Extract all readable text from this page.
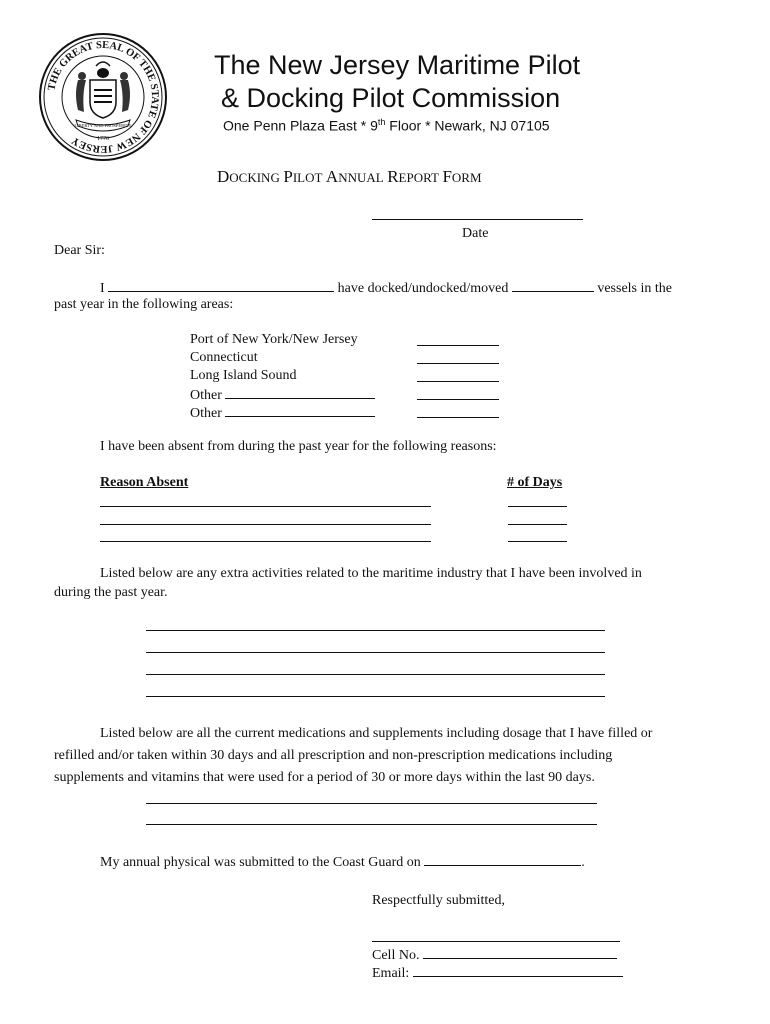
THE GREAT SEAL OF THE STATE OF NEW JERSEY
LIBERTY AND PROSPERITY
1776
The New Jersey Maritime Pilot
& Docking Pilot Commission
One Penn Plaza East * 9th Floor * Newark, NJ 07105
DOCKING PILOT ANNUAL REPORT FORM
Date
Dear Sir:
I	have docked/undocked/moved	vessels in the
past year in the following areas:
Port of New York/New Jersey
Connecticut
Long Island Sound
Other
Other
I have been absent from during the past year for the following reasons:
Reason Absent	# of Days
Listed below are any extra activities related to the maritime industry that I have been involved in
during the past year.
Listed below are all the current medications and supplements including dosage that I have filled or
refilled and/or taken within 30 days and all prescription and non-prescription medications including
supplements and vitamins that were used for a period of 30 or more days within the last 90 days.
My annual physical was submitted to the Coast Guard on	.
Respectfully submitted,
Cell No.
Email:
